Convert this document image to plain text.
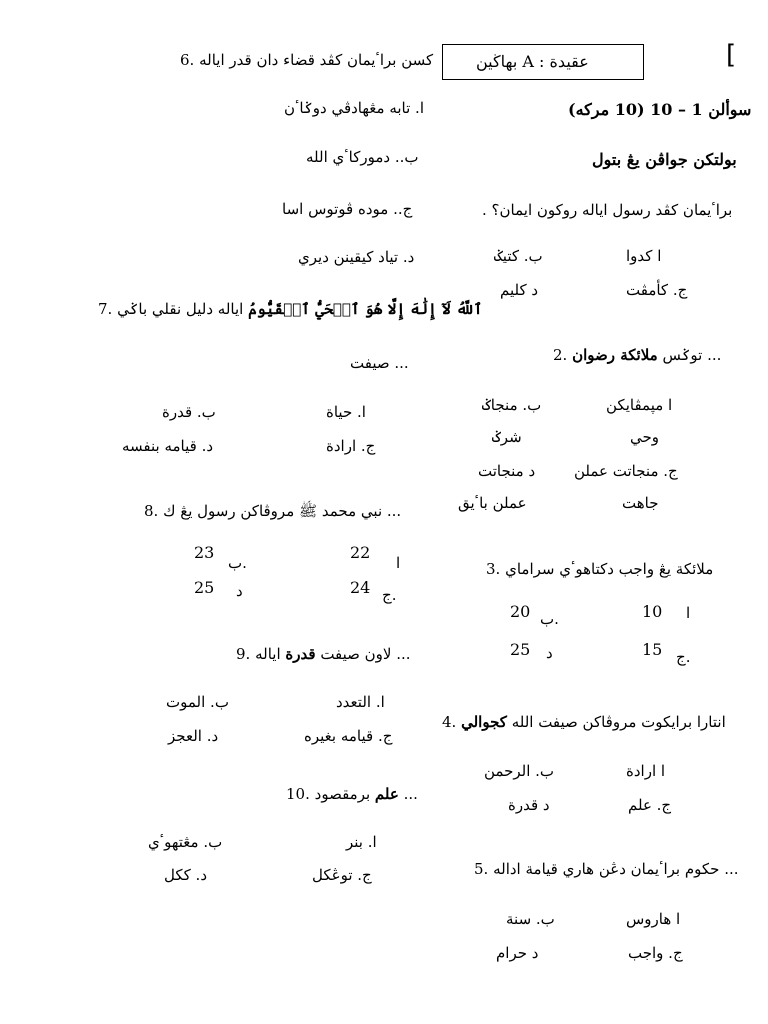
بهاڬين A : عقيدة	[
سوألن 1 – 10 (10 مركه)
بولتكن جواڤن يڠ بتول
. براٴيمان كڤد رسول اياله روكون ايمان؟
ا كدوا
ب. كتيݢ
ج. كأمڤت
د كليم
2. توݢس ملائكة رضوان	...
ا مڽمڤايكن
وحي
ب. منجاݢ
شرݢ
ج. منجاتت عملن
جاهت
د منجاتت
عملن باٴيق
3. ملائكة يڠ واجب دكتاهوٴي سراماي
ا
10
ب.
20
ج.
15
د
25
4. انتارا برايكوت مروڤاكن صيفت الله كجوالي
ا ارادة
ب. الرحمن
ج. علم
د قدرة
5. حكوم براٴيمان دڠن هاري قيامة اداله ...
ا هاروس
ب. سنة
ج. واجب
د حرام
6. كسن براٴيمان كڤد قضاء دان قدر اياله
ا. تابه مڠهادڤي دوݢاٴن
ب.. دموركاٴي الله
ج.. موده ڤوتوس اسا
د. تياد كيقينن ديري
7.	ٱللَّهُ لَآ إِلَٰهَ إِلَّا هُوَ ٱلۡحَيُّ ٱلۡقَيُّومُ اياله دليل نقلي باݢي
صيفت ...
ا. حياة
ب. قدرة
ج. ارادة
د. قيامه بنفسه
8. نبي محمد ﷺ مروڤاكن رسول يڠ ك ...
ا
22
ب.
23
ج.
24
د
25
9. لاون صيفت قدرة اياله ...
ا. التعدد
ب. الموت
ج. قيامه بغيره
د. العجز
10.	علم برمقصود ...
ا. بنر
ب. مڠتهوٴي
ج. توڠكل
د. ككل
